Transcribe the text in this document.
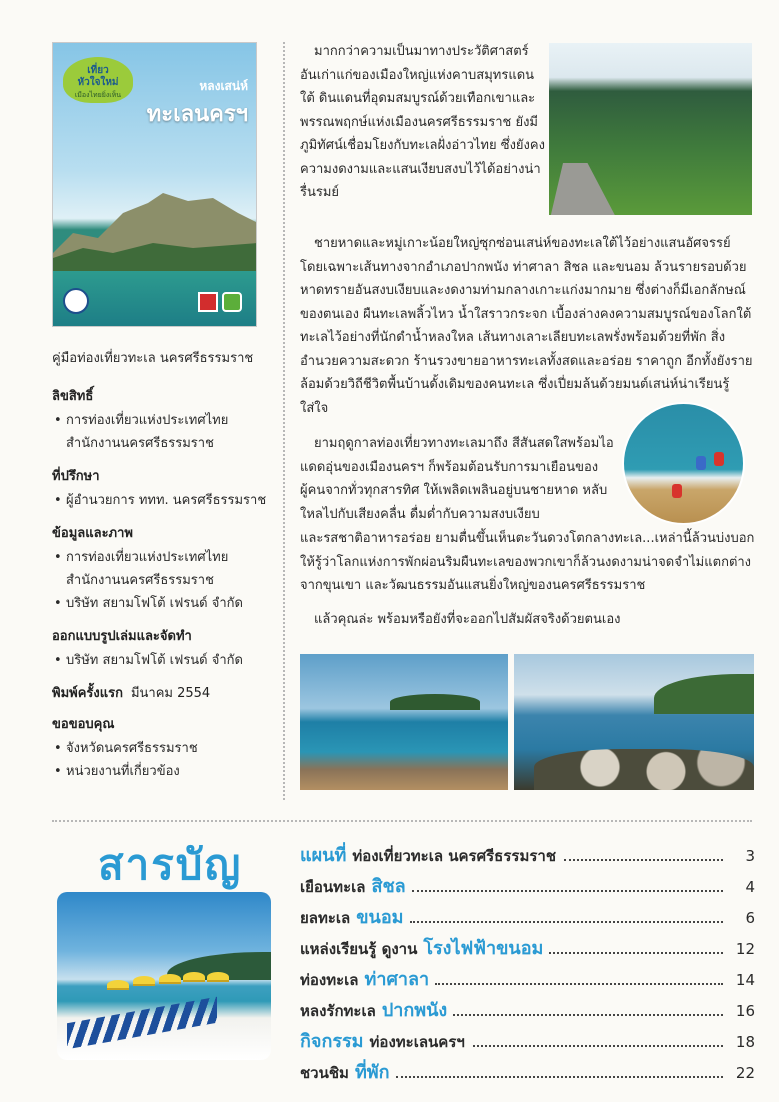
เที่ยว
หัวใจใหม่
เมืองไทยยิ่งเห็น
หลงเสน่ห์
ทะเลนครฯ
คู่มือท่องเที่ยวทะเล นครศรีธรรมราช
ลิขสิทธิ์
• การท่องเที่ยวแห่งประเทศไทย
สำนักงานนครศรีธรรมราช
ที่ปรึกษา
• ผู้อำนวยการ ททท. นครศรีธรรมราช
ข้อมูลและภาพ
• การท่องเที่ยวแห่งประเทศไทย
สำนักงานนครศรีธรรมราช
• บริษัท สยามโฟโต้ เฟรนด์ จำกัด
ออกแบบรูปเล่มและจัดทำ
• บริษัท สยามโฟโต้ เฟรนด์ จำกัด
พิมพ์ครั้งแรก มีนาคม 2554
ขอขอบคุณ
• จังหวัดนครศรีธรรมราช
• หน่วยงานที่เกี่ยวข้อง
มากกว่าความเป็นมาทางประวัติศาสตร์อันเก่าแก่ของเมืองใหญ่แห่งคาบสมุทรแดนใต้ ดินแดนที่อุดมสมบูรณ์ด้วยเทือกเขาและพรรณพฤกษ์แห่งเมืองนครศรีธรรมราช ยังมีภูมิทัศน์เชื่อมโยงกับทะเลฝั่งอ่าวไทย ซึ่งยังคงความงดงามและแสนเงียบสงบไว้ได้อย่างน่ารื่นรมย์
ชายหาดและหมู่เกาะน้อยใหญ่ซุกซ่อนเสน่ห์ของทะเลใต้ไว้อย่างแสนอัศจรรย์ โดยเฉพาะเส้นทางจากอำเภอปากพนัง ท่าศาลา สิชล และขนอม ล้วนรายรอบด้วยหาดทรายอันสงบเงียบและงดงามท่ามกลางเกาะแก่งมากมาย ซึ่งต่างก็มีเอกลักษณ์ของตนเอง ผืนทะเลพลิ้วไหว น้ำใสราวกระจก เบื้องล่างคงความสมบูรณ์ของโลกใต้ทะเลไว้อย่างที่นักดำน้ำหลงใหล เส้นทางเลาะเลียบทะเลพรั่งพร้อมด้วยที่พัก สิ่งอำนวยความสะดวก ร้านรวงขายอาหารทะเลทั้งสดและอร่อย ราคาถูก อีกทั้งยังรายล้อมด้วยวิถีชีวิตพื้นบ้านดั้งเดิมของคนทะเล ซึ่งเปี่ยมล้นด้วยมนต์เสน่ห์น่าเรียนรู้ ใส่ใจ
ยามฤดูกาลท่องเที่ยวทางทะเลมาถึง สีสันสดใสพร้อมไอแดดอุ่นของเมืองนครฯ ก็พร้อมต้อนรับการมาเยือนของผู้คนจากทั่วทุกสารทิศ ให้เพลิดเพลินอยู่บนชายหาด หลับใหลไปกับเสียงคลื่น ดื่มด่ำกับความสงบเงียบ
และรสชาติอาหารอร่อย ยามตื่นขึ้นเห็นตะวันดวงโตกลางทะเล...เหล่านี้ล้วนบ่งบอกให้รู้ว่าโลกแห่งการพักผ่อนริมผืนทะเลของพวกเขาก็ล้วนงดงามน่าจดจำไม่แตกต่างจากขุนเขา และวัฒนธรรมอันแสนยิ่งใหญ่ของนครศรีธรรมราช
แล้วคุณล่ะ พร้อมหรือยังที่จะออกไปสัมผัสจริงด้วยตนเอง
สารบัญ	แผนที่ ท่องเที่ยวทะเล นครศรีธรรมราช	3
เยือนทะเล สิชล	4
ยลทะเล ขนอม	6
แหล่งเรียนรู้ ดูงาน โรงไฟฟ้าขนอม	12
ท่องทะเล ท่าศาลา	14
หลงรักทะเล ปากพนัง	16
กิจกรรม ท่องทะเลนครฯ	18
ชวนชิม ที่พัก	22
